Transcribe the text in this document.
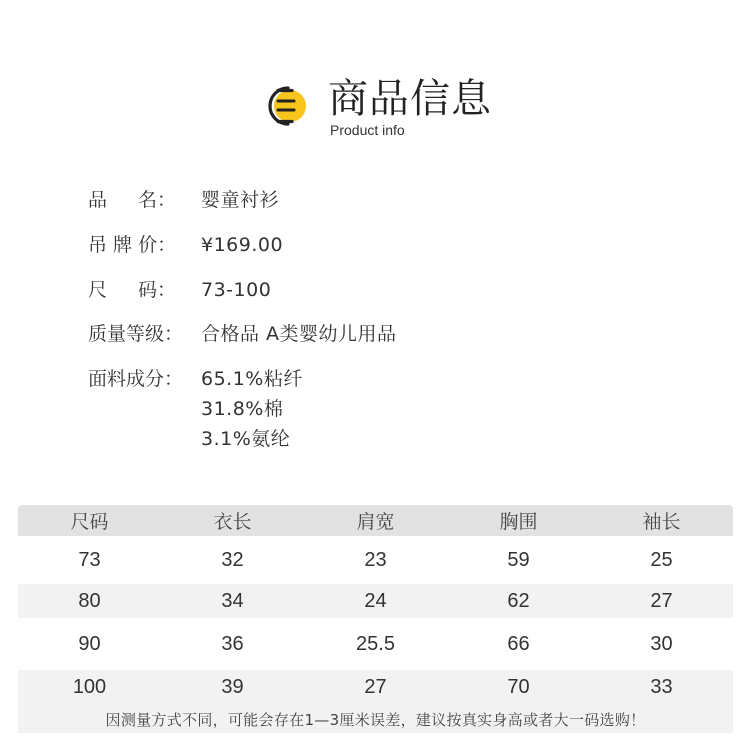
商品信息
Product info
品 名： 婴童衬衫
吊 牌 价：	¥169.00
尺 码： 73-100
质量等级： 合格品 A类婴幼儿用品
面料成分： 65.1%粘纤
31.8%棉
3.1%氨纶
尺码	衣长	肩宽	胸围	袖长
73	32	23	59	25
80	34	24	62	27
90	36	25.5	66	30
100	39	27	70	33
因测量方式不同，可能会存在1—3厘米误差，建议按真实身高或者大一码选购！
